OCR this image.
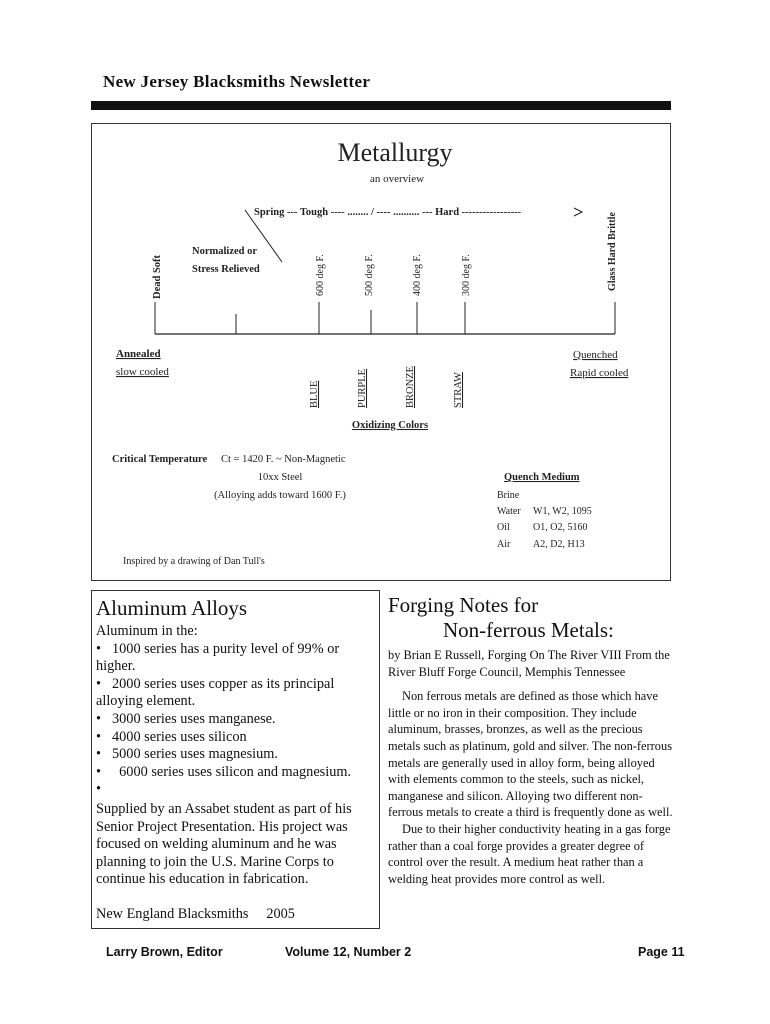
New Jersey Blacksmiths Newsletter
Metallurgy
an overview
Spring --- Tough ---- ........ / ---- .......... --- Hard -----------------
Dead Soft
Normalized or
Stress Relieved	600 deg F.	500 deg F.	400 deg F.	300 deg F.	Glass Hard Brittle
Annealed
slow cooled
Quenched
Rapid cooled
BLUE	PURPLE	BRONZE	STRAW
Oxidizing Colors
Critical Temperature Ct = 1420 F. ~ Non-Magnetic
10xx Steel
(Alloying adds toward 1600 F.)
Quench Medium
Brine
Water W1, W2, 1095
Oil O1, O2, 5160
Air A2, D2, H13
Inspired by a drawing of Dan Tull's
Aluminum Alloys
Aluminum in the:
• 1000 series has a purity level of 99% or higher.
• 2000 series uses copper as its principal alloying element.
• 3000 series uses manganese.
• 4000 series uses silicon
• 5000 series uses magnesium.
• 6000 series uses silicon and magnesium.
•
Supplied by an Assabet student as part of his Senior Project Presentation. His project was focused on welding aluminum and he was planning to join the U.S. Marine Corps to continue his education in fabrication.
New England Blacksmiths     2005
Forging Notes for
Non-ferrous Metals:
by Brian E Russell, Forging On The River VIII From the River Bluff Forge Council, Memphis Tennessee

Non ferrous metals are defined as those which have little or no iron in their composition. They include aluminum, brasses, bronzes, as well as the precious metals such as platinum, gold and silver. The non-ferrous metals are generally used in alloy form, being alloyed with elements common to the steels, such as nickel, manganese and silicon. Alloying two different non-ferrous metals to create a third is frequently done as well.

Due to their higher conductivity heating in a gas forge rather than a coal forge provides a greater degree of control over the result. A medium heat rather than a welding heat provides more control as well.

Larry Brown, Editor	Volume 12, Number 2	Page 11
